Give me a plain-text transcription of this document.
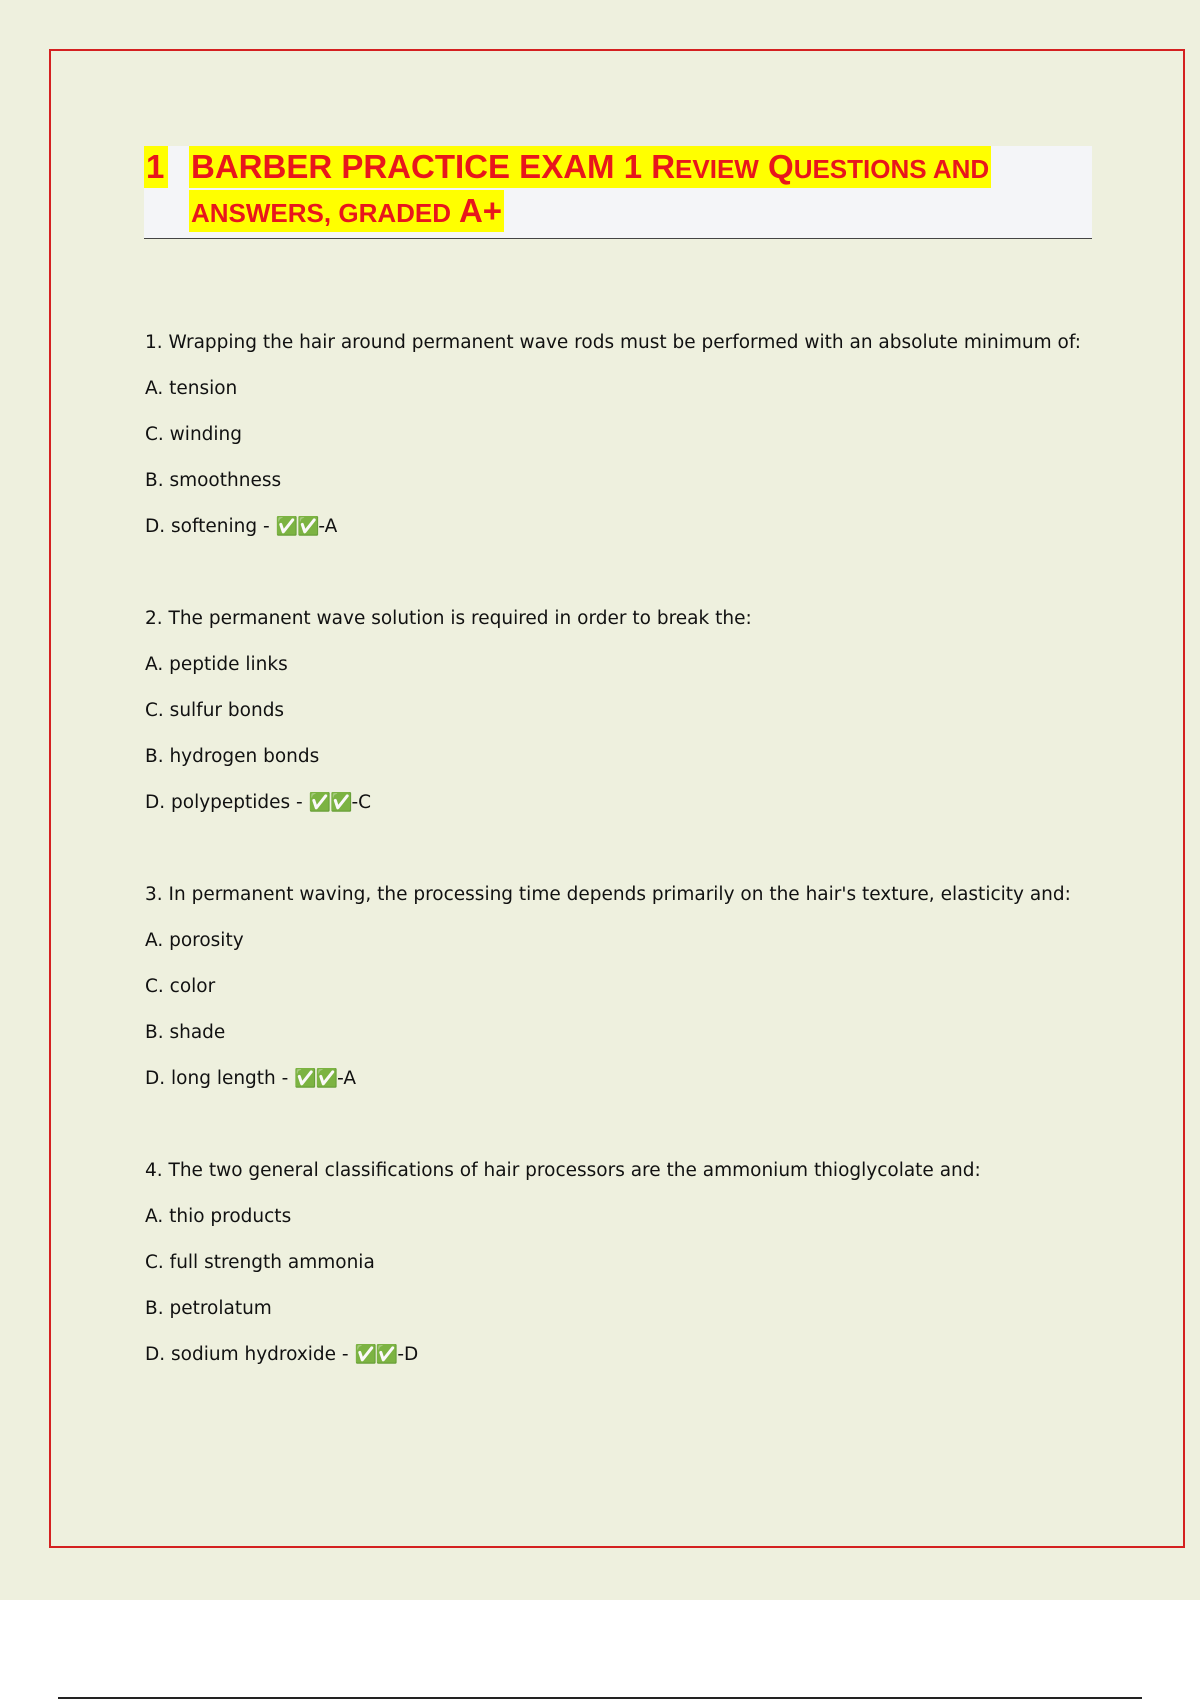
1 BARBER PRACTICE EXAM 1 REVIEW QUESTIONS AND
ANSWERS, GRADED A+

1. Wrapping the hair around permanent wave rods must be performed with an absolute minimum of:

A. tension

C. winding

B. smoothness

D. softening - ✅✅-A

2. The permanent wave solution is required in order to break the:

A. peptide links

C. sulfur bonds

B. hydrogen bonds

D. polypeptides - ✅✅-C

3. In permanent waving, the processing time depends primarily on the hair's texture, elasticity and:

A. porosity

C. color

B. shade

D. long length - ✅✅-A

4. The two general classifications of hair processors are the ammonium thioglycolate and:

A. thio products

C. full strength ammonia

B. petrolatum

D. sodium hydroxide - ✅✅-D
